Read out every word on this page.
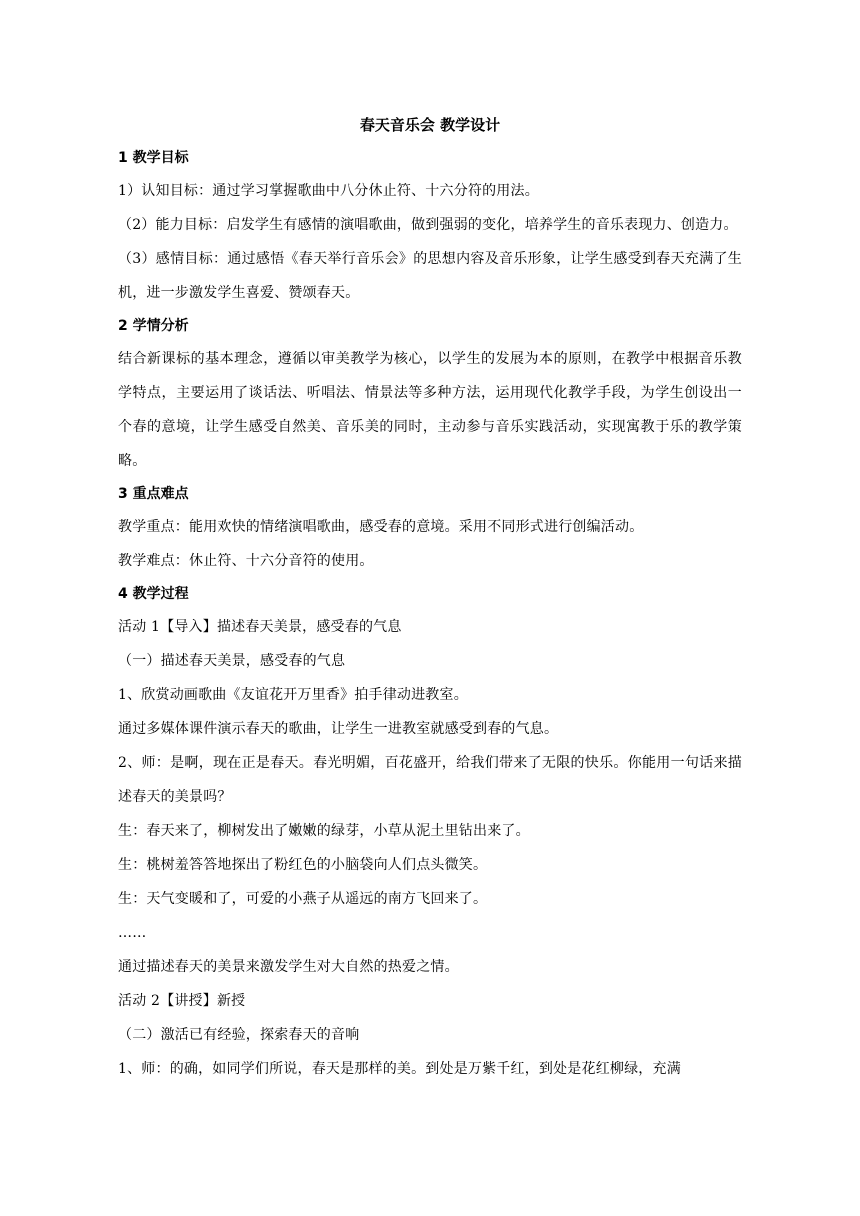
春天音乐会 教学设计

1 教学目标

1）认知目标：通过学习掌握歌曲中八分休止符、十六分符的用法。

（2）能力目标：启发学生有感情的演唱歌曲，做到强弱的变化，培养学生的音乐表现力、创造力。

（3）感情目标：通过感悟《春天举行音乐会》的思想内容及音乐形象，让学生感受到春天充满了生机，进一步激发学生喜爱、赞颂春天。

2 学情分析

结合新课标的基本理念，遵循以审美教学为核心，以学生的发展为本的原则，在教学中根据音乐教学特点，主要运用了谈话法、听唱法、情景法等多种方法，运用现代化教学手段，为学生创设出一个春的意境，让学生感受自然美、音乐美的同时，主动参与音乐实践活动，实现寓教于乐的教学策略。

3 重点难点

教学重点：能用欢快的情绪演唱歌曲，感受春的意境。采用不同形式进行创编活动。

教学难点：休止符、十六分音符的使用。

4 教学过程

活动 1【导入】描述春天美景，感受春的气息

（一）描述春天美景，感受春的气息

1、欣赏动画歌曲《友谊花开万里香》拍手律动进教室。

通过多媒体课件演示春天的歌曲，让学生一进教室就感受到春的气息。

2、师：是啊，现在正是春天。春光明媚，百花盛开，给我们带来了无限的快乐。你能用一句话来描述春天的美景吗？

生：春天来了，柳树发出了嫩嫩的绿芽，小草从泥土里钻出来了。

生：桃树羞答答地探出了粉红色的小脑袋向人们点头微笑。

生：天气变暖和了，可爱的小燕子从遥远的南方飞回来了。

……

通过描述春天的美景来激发学生对大自然的热爱之情。

活动 2【讲授】新授

（二）激活已有经验，探索春天的音响

1、师：的确，如同学们所说，春天是那样的美。到处是万紫千红，到处是花红柳绿，充满
